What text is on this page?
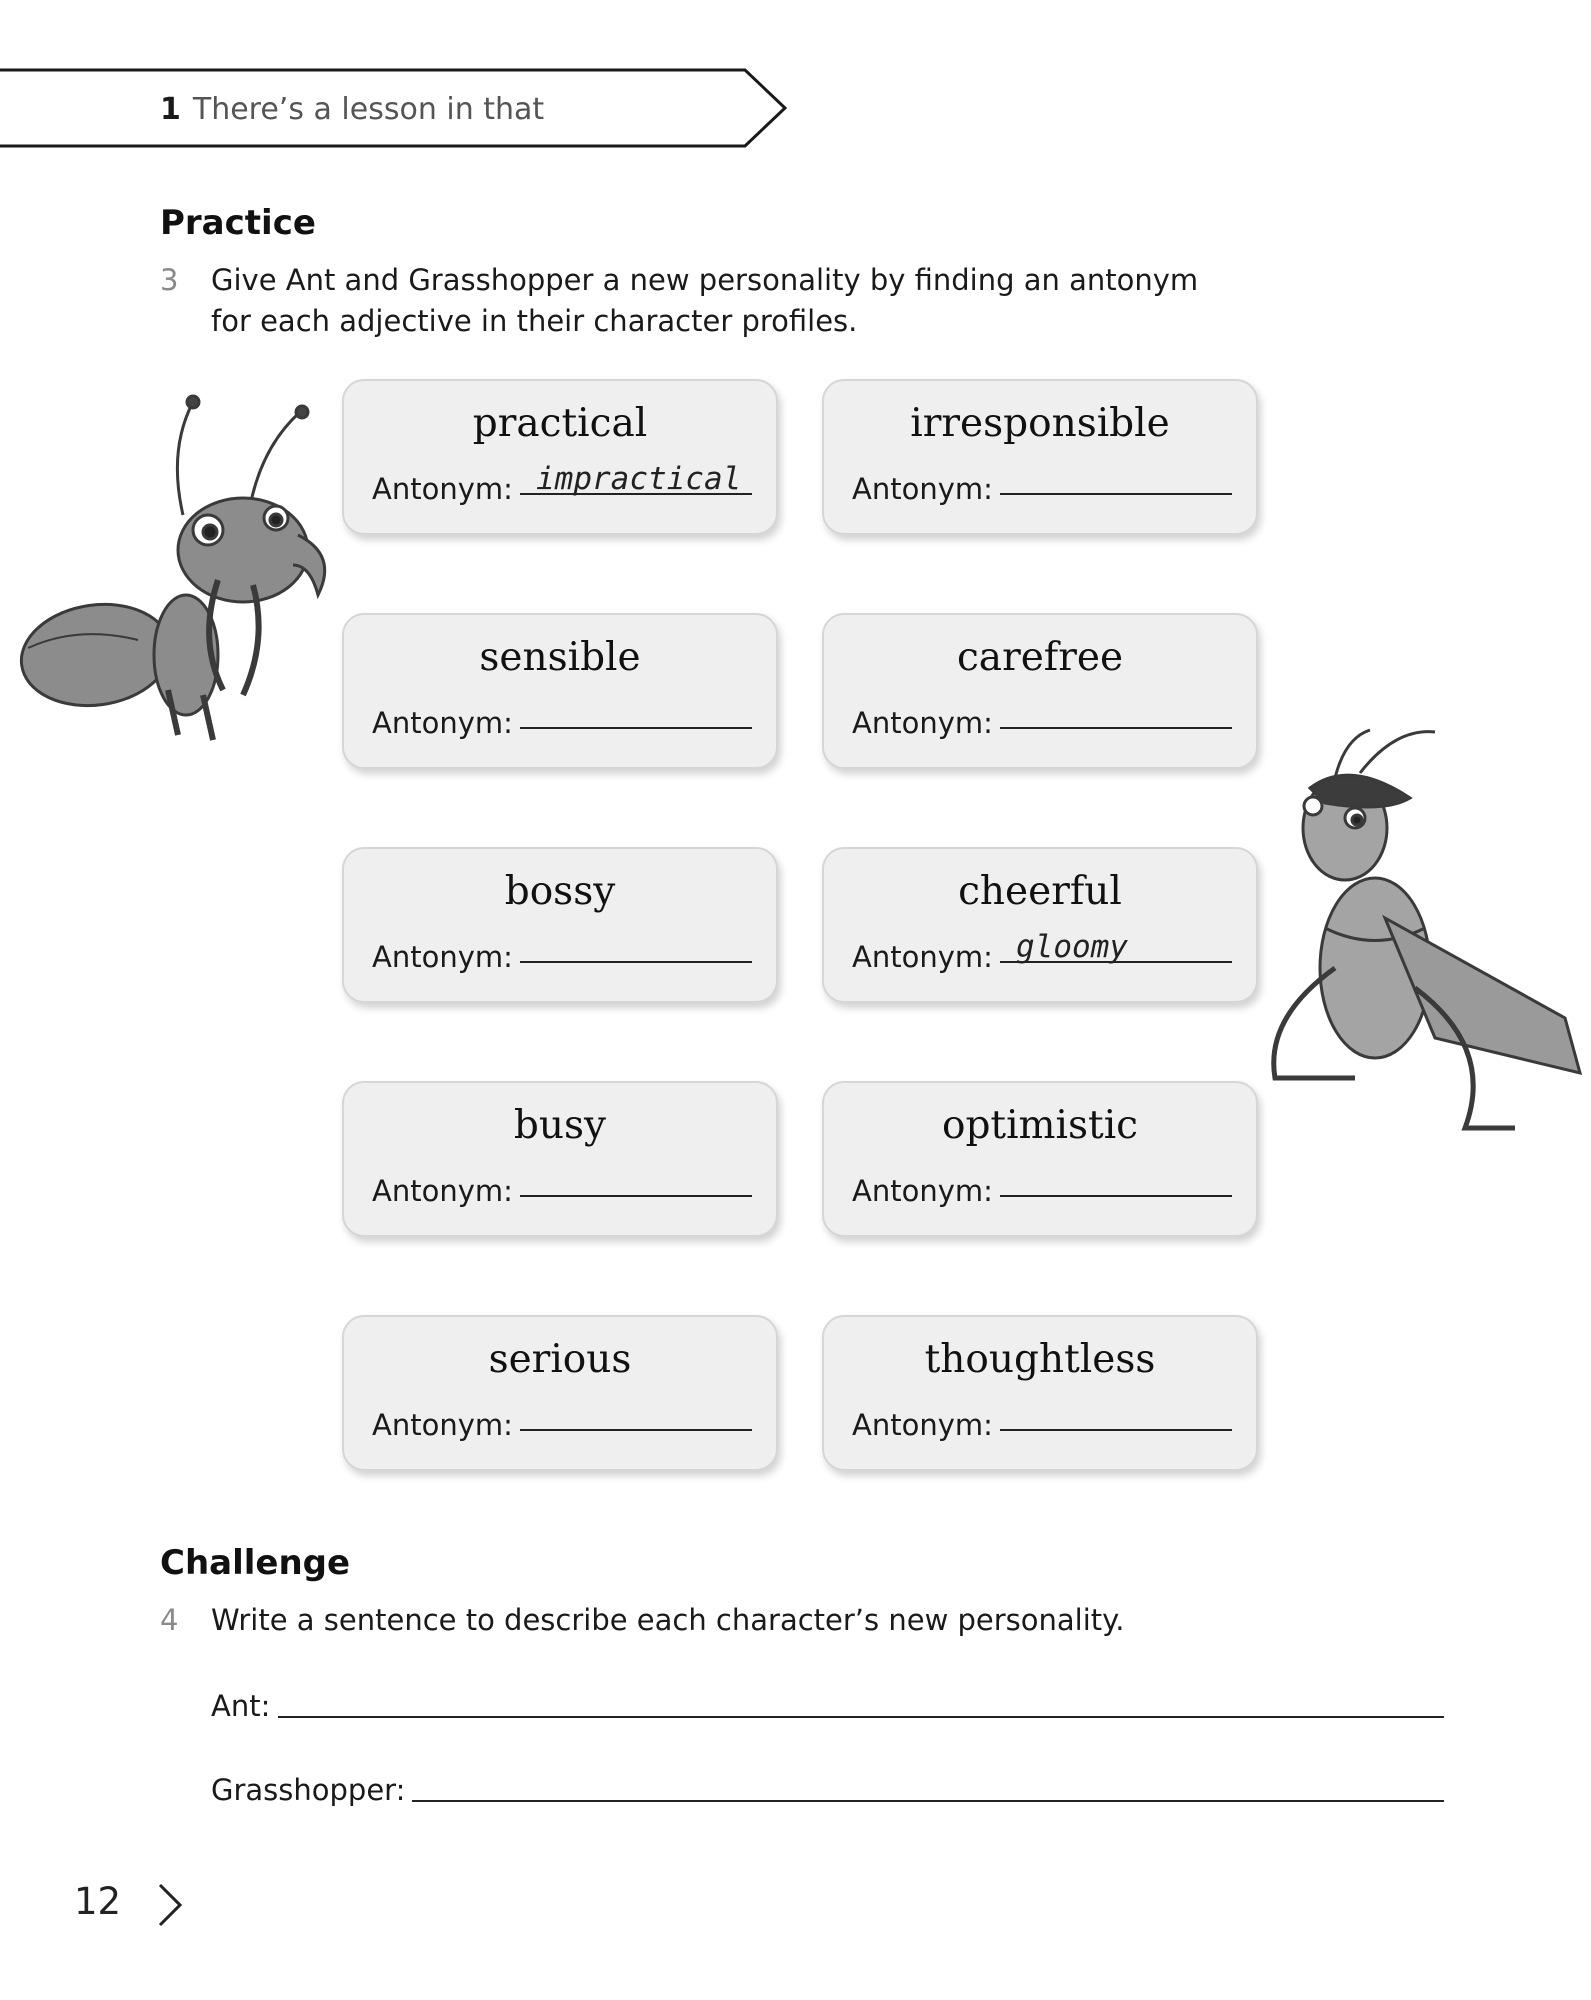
1 There’s a lesson in that
Practice
3 Give Ant and Grasshopper a new personality by finding an antonym
for each adjective in their character profiles.
practical
Antonym: impractical
irresponsible
Antonym:
sensible
Antonym:
carefree
Antonym:
bossy
Antonym:
cheerful
Antonym: gloomy
busy
Antonym:
optimistic
Antonym:
serious
Antonym:
thoughtless
Antonym:
Challenge
4 Write a sentence to describe each character’s new personality.
Ant:
Grasshopper:
12
